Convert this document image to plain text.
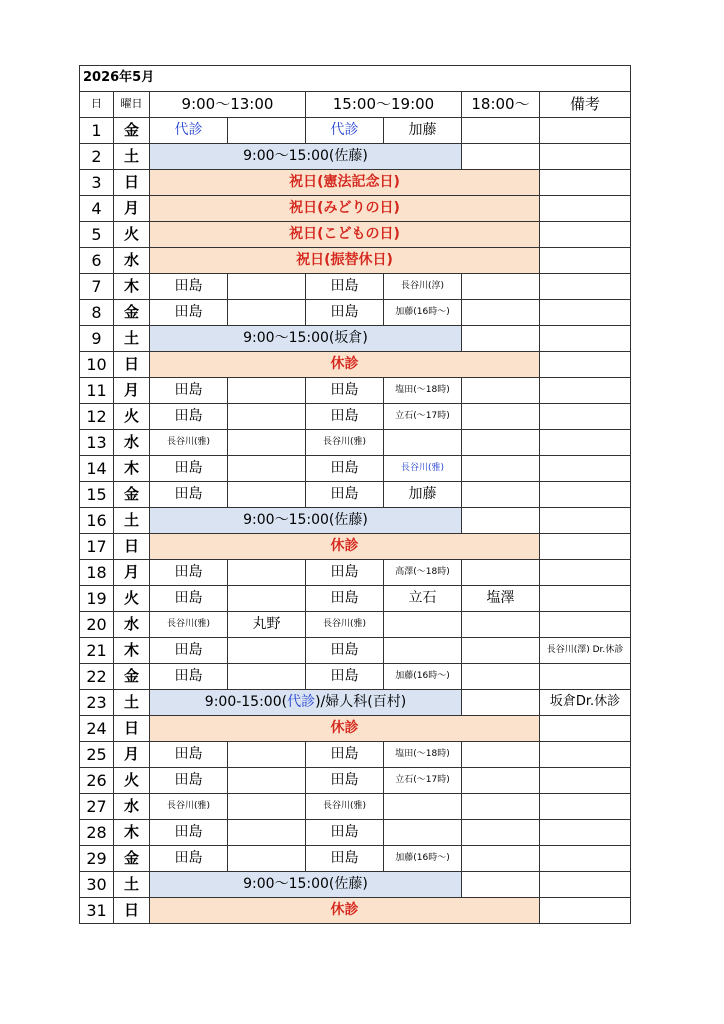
2026年5月							
日	曜日	9:00〜13:00		15:00〜19:00		18:00〜	備考
1	金	代診		代診	加藤		
2	土	9:00〜15:00(佐藤)					
3	日	祝日(憲法記念日)					
4	月	祝日(みどりの日)					
5	火	祝日(こどもの日)					
6	水	祝日(振替休日)					
7	木	田島		田島	長谷川(淳)		
8	金	田島		田島	加藤(16時〜)		
9	土	9:00〜15:00(坂倉)					
10	日	休診					
11	月	田島		田島	塩田(〜18時)		
12	火	田島		田島	立石(〜17時)		
13	水	長谷川(雅)		長谷川(雅)			
14	木	田島		田島	長谷川(雅)		
15	金	田島		田島	加藤		
16	土	9:00〜15:00(佐藤)					
17	日	休診					
18	月	田島		田島	高澤(〜18時)		
19	火	田島		田島	立石	塩澤	
20	水	長谷川(雅)	丸野	長谷川(雅)			
21	木	田島		田島			長谷川(澤) Dr.休診
22	金	田島		田島	加藤(16時〜)		
23	土	9:00-15:00(代診)/婦人科(百村)					坂倉Dr.休診
24	日	休診					
25	月	田島		田島	塩田(〜18時)		
26	火	田島		田島	立石(〜17時)		
27	水	長谷川(雅)		長谷川(雅)			
28	木	田島		田島			
29	金	田島		田島	加藤(16時〜)		
30	土	9:00〜15:00(佐藤)					
31	日	休診					
